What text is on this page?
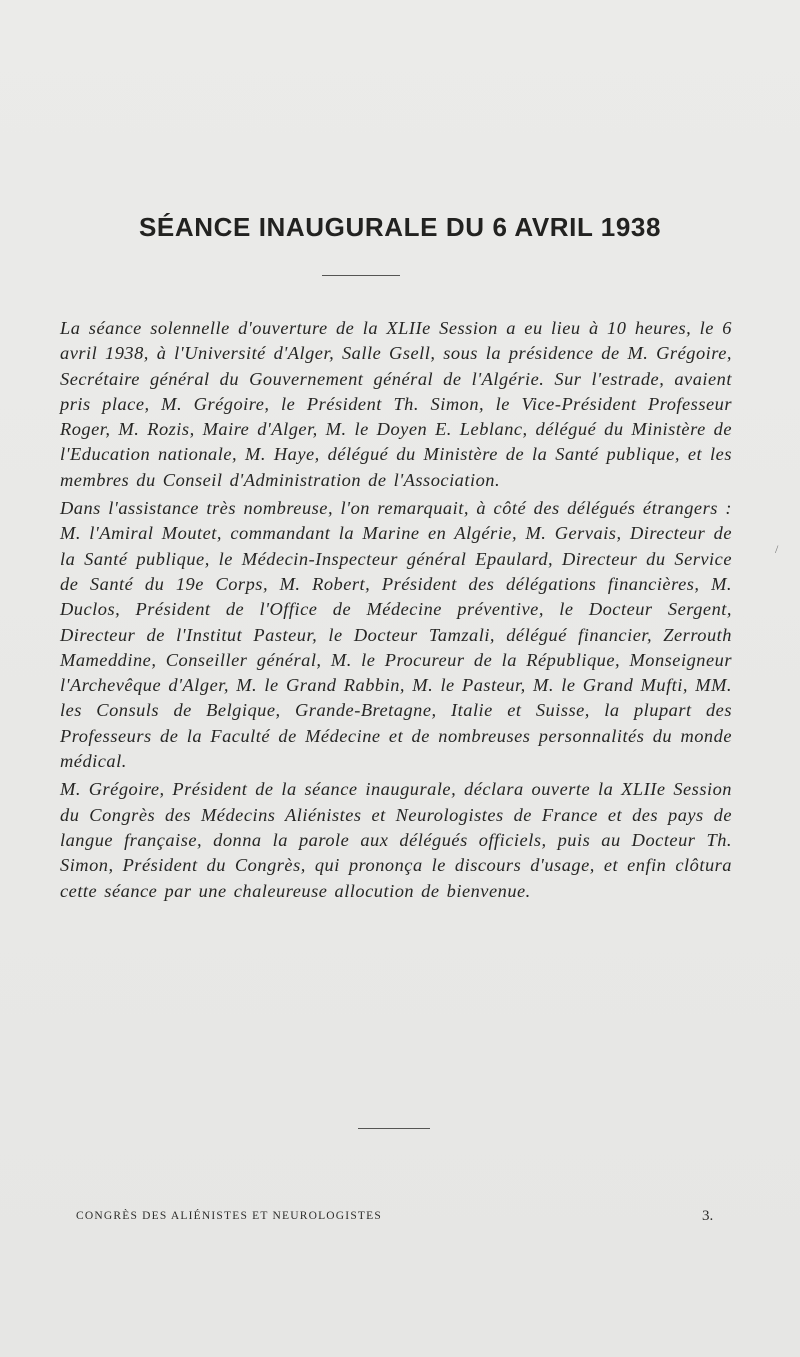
SÉANCE INAUGURALE DU 6 AVRIL 1938

La séance solennelle d'ouverture de la XLIIe Session a eu lieu à 10 heures, le 6 avril 1938, à l'Université d'Alger, Salle Gsell, sous la présidence de M. Grégoire, Secrétaire général du Gouvernement général de l'Algérie. Sur l'estrade, avaient pris place, M. Grégoire, le Président Th. Simon, le Vice-Président Professeur Roger, M. Rozis, Maire d'Alger, M. le Doyen E. Leblanc, délégué du Ministère de l'Education nationale, M. Haye, délégué du Ministère de la Santé publique, et les membres du Conseil d'Administration de l'Association.

Dans l'assistance très nombreuse, l'on remarquait, à côté des délégués étrangers : M. l'Amiral Moutet, commandant la Marine en Algérie, M. Gervais, Directeur de la Santé publique, le Médecin-Inspecteur général Epaulard, Directeur du Service de Santé du 19e Corps, M. Robert, Président des délégations financières, M. Duclos, Président de l'Office de Médecine préventive, le Docteur Sergent, Directeur de l'Institut Pasteur, le Docteur Tamzali, délégué financier, Zerrouth Mameddine, Conseiller général, M. le Procureur de la République, Monseigneur l'Archevêque d'Alger, M. le Grand Rabbin, M. le Pasteur, M. le Grand Mufti, MM. les Consuls de Belgique, Grande-Bretagne, Italie et Suisse, la plupart des Professeurs de la Faculté de Médecine et de nombreuses personnalités du monde médical.

M. Grégoire, Président de la séance inaugurale, déclara ouverte la XLIIe Session du Congrès des Médecins Aliénistes et Neurologistes de France et des pays de langue française, donna la parole aux délégués officiels, puis au Docteur Th. Simon, Président du Congrès, qui prononça le discours d'usage, et enfin clôtura cette séance par une chaleureuse allocution de bienvenue.

/
CONGRÈS DES ALIÉNISTES ET NEUROLOGISTES	3.
